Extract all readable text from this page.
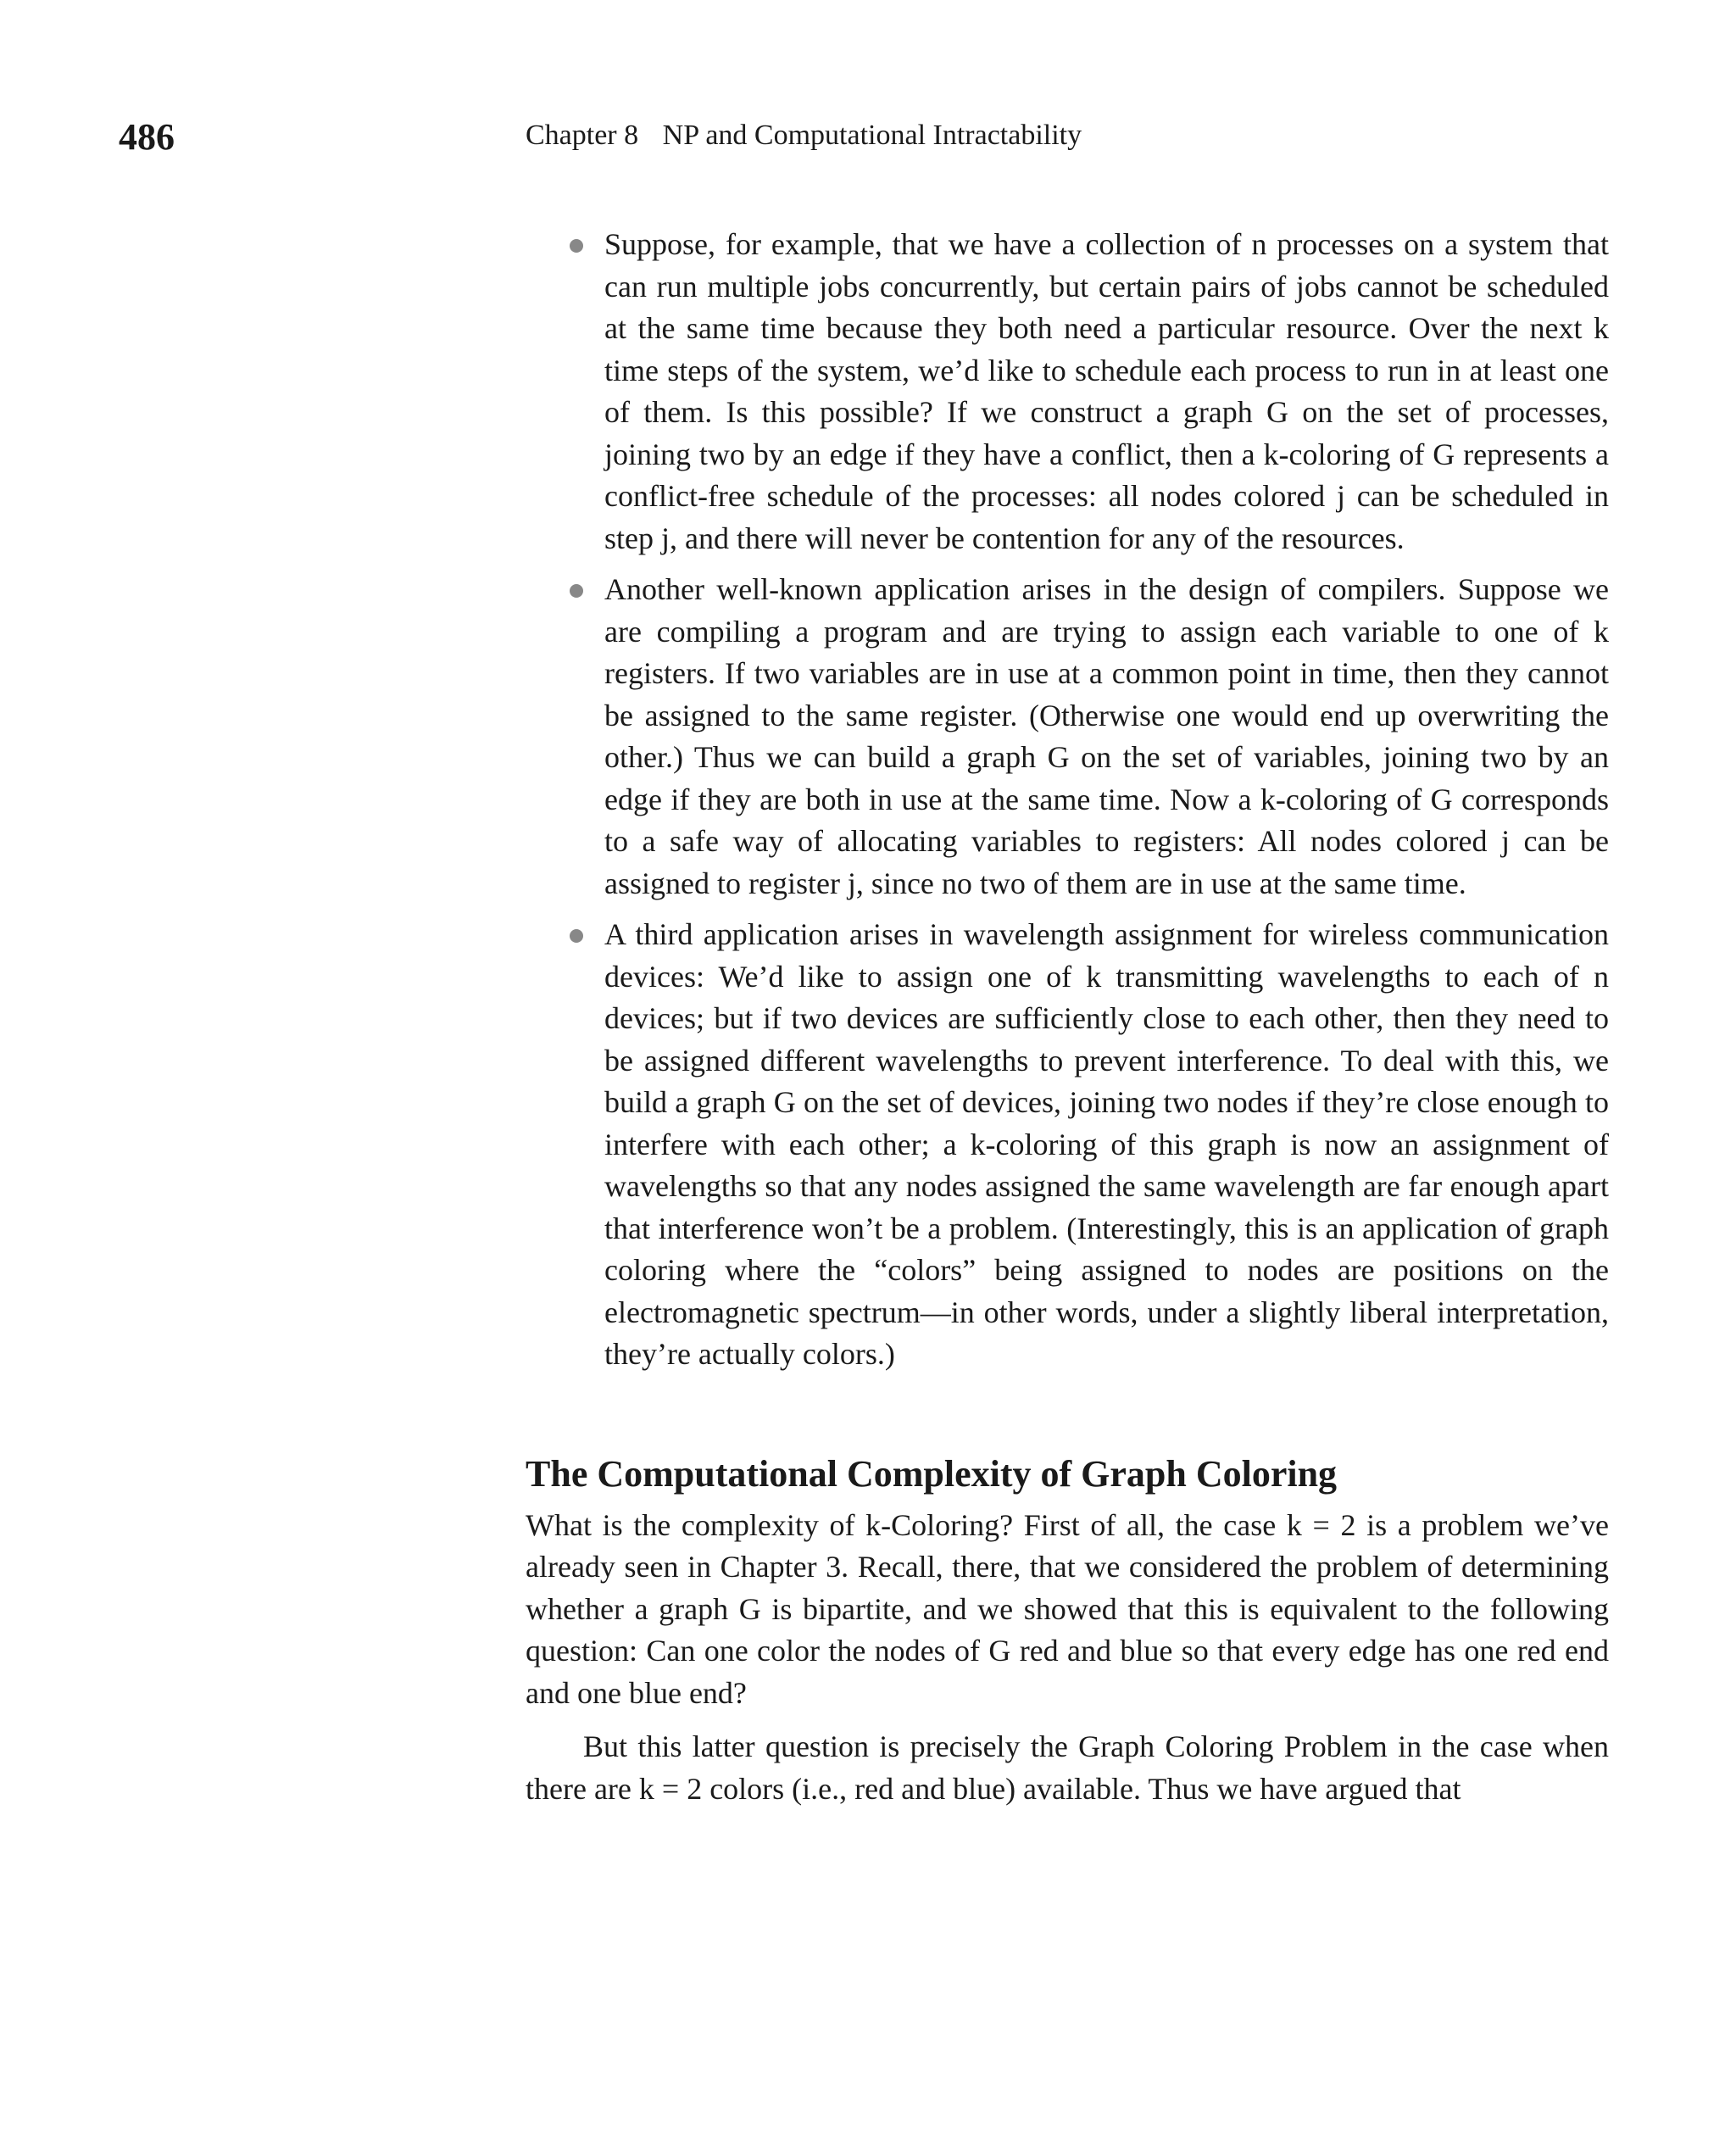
486	Chapter 8 NP and Computational Intractability

Suppose, for example, that we have a collection of n processes on a system that can run multiple jobs concurrently, but certain pairs of jobs cannot be scheduled at the same time because they both need a particular resource. Over the next k time steps of the system, we’d like to schedule each process to run in at least one of them. Is this possible? If we construct a graph G on the set of processes, joining two by an edge if they have a conflict, then a k-coloring of G represents a conflict-free schedule of the processes: all nodes colored j can be scheduled in step j, and there will never be contention for any of the resources.

Another well-known application arises in the design of compilers. Suppose we are compiling a program and are trying to assign each variable to one of k registers. If two variables are in use at a common point in time, then they cannot be assigned to the same register. (Otherwise one would end up overwriting the other.) Thus we can build a graph G on the set of variables, joining two by an edge if they are both in use at the same time. Now a k-coloring of G corresponds to a safe way of allocating variables to registers: All nodes colored j can be assigned to register j, since no two of them are in use at the same time.

A third application arises in wavelength assignment for wireless communication devices: We’d like to assign one of k transmitting wavelengths to each of n devices; but if two devices are sufficiently close to each other, then they need to be assigned different wavelengths to prevent interference. To deal with this, we build a graph G on the set of devices, joining two nodes if they’re close enough to interfere with each other; a k-coloring of this graph is now an assignment of wavelengths so that any nodes assigned the same wavelength are far enough apart that interference won’t be a problem. (Interestingly, this is an application of graph coloring where the “colors” being assigned to nodes are positions on the electromagnetic spectrum—in other words, under a slightly liberal interpretation, they’re actually colors.)

The Computational Complexity of Graph Coloring

What is the complexity of k-Coloring? First of all, the case k = 2 is a problem we’ve already seen in Chapter 3. Recall, there, that we considered the problem of determining whether a graph G is bipartite, and we showed that this is equivalent to the following question: Can one color the nodes of G red and blue so that every edge has one red end and one blue end?

But this latter question is precisely the Graph Coloring Problem in the case when there are k = 2 colors (i.e., red and blue) available. Thus we have argued that
